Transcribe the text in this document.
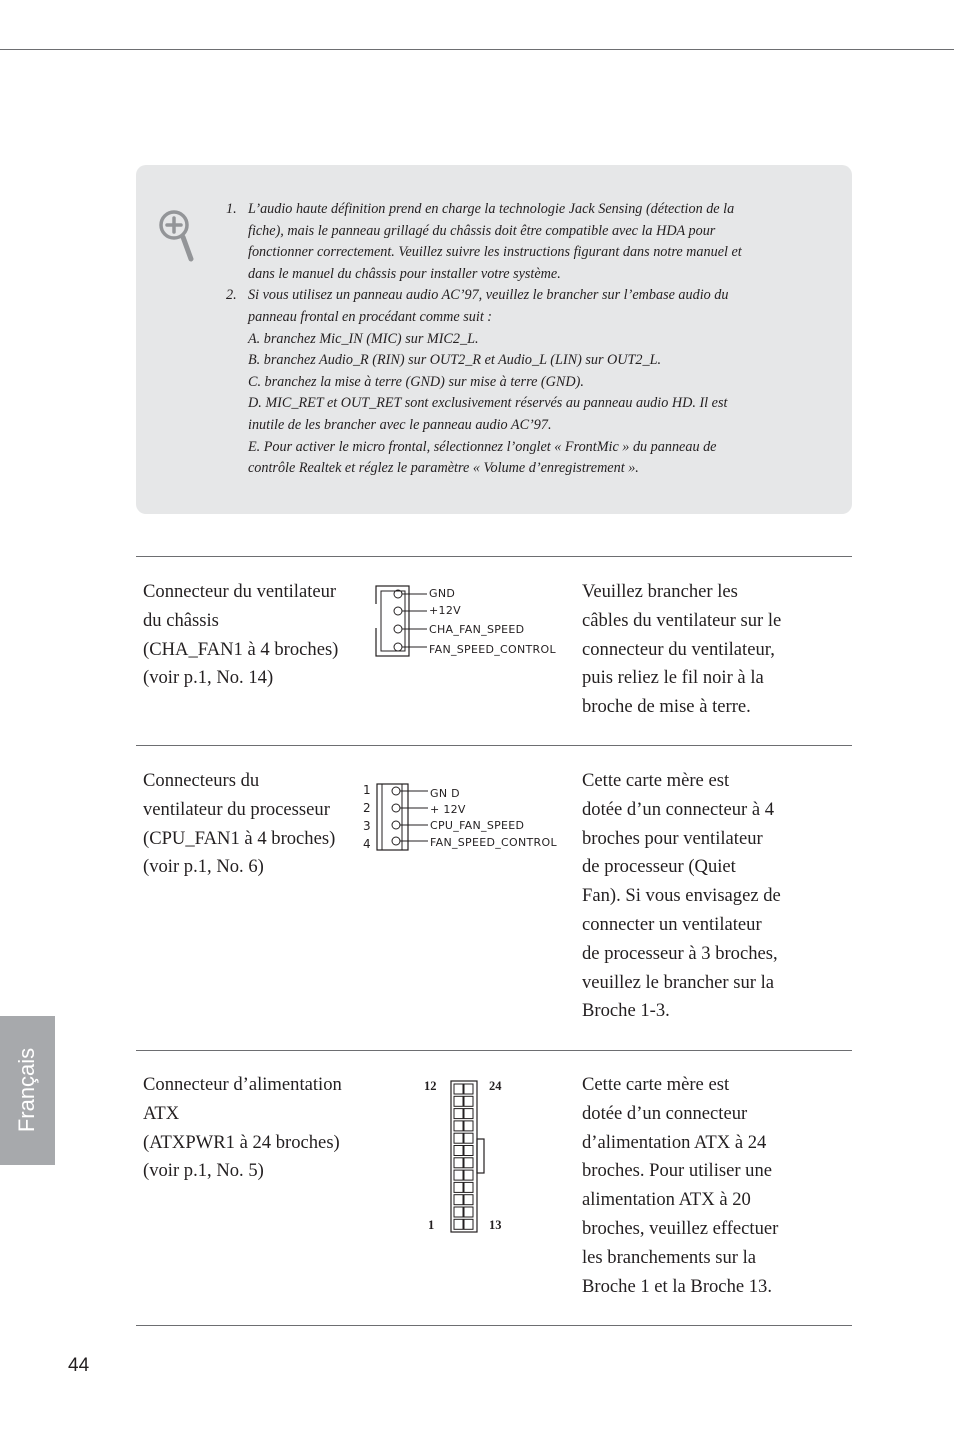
1. L’audio haute définition prend en charge la technologie Jack Sensing (détection de la
fiche), mais le panneau grillagé du châssis doit être compatible avec la HDA pour
fonctionner correctement. Veuillez suivre les instructions figurant dans notre manuel et
dans le manuel du châssis pour installer votre système.
2. Si vous utilisez un panneau audio AC’97, veuillez le brancher sur l’embase audio du
panneau frontal en procédant comme suit :
A. branchez Mic_IN (MIC) sur MIC2_L.
B. branchez Audio_R (RIN) sur OUT2_R et Audio_L (LIN) sur OUT2_L.
C. branchez la mise à terre (GND) sur mise à terre (GND).
D. MIC_RET et OUT_RET sont exclusivement réservés au panneau audio HD. Il est
inutile de les brancher avec le panneau audio AC’97.
E. Pour activer le micro frontal, sélectionnez l’onglet « FrontMic » du panneau de
contrôle Realtek et réglez le paramètre « Volume d’enregistrement ».
Connecteur du ventilateur
du châssis
(CHA_FAN1 à 4 broches)
(voir p.1, No. 14)
GND
+12V
CHA_FAN_SPEED
FAN_SPEED_CONTROL
Veuillez brancher les
câbles du ventilateur sur le
connecteur du ventilateur,
puis reliez le fil noir à la
broche de mise à terre.
Connecteurs du
ventilateur du processeur
(CPU_FAN1 à 4 broches)
(voir p.1, No. 6)
1
2
3
4
GN D
+ 12V
CPU_FAN_SPEED
FAN_SPEED_CONTROL
Cette carte mère est
dotée d’un connecteur à 4
broches pour ventilateur
de processeur (Quiet
Fan). Si vous envisagez de
connecter un ventilateur
de processeur à 3 broches,
veuillez le brancher sur la
Broche 1-3.
Connecteur d’alimentation
ATX
(ATXPWR1 à 24 broches)
(voir p.1, No. 5)
12	24
1	13
Cette carte mère est
dotée d’un connecteur
d’alimentation ATX à 24
broches. Pour utiliser une
alimentation ATX à 20
broches, veuillez effectuer
les branchements sur la
Broche 1 et la Broche 13.
Français
44
